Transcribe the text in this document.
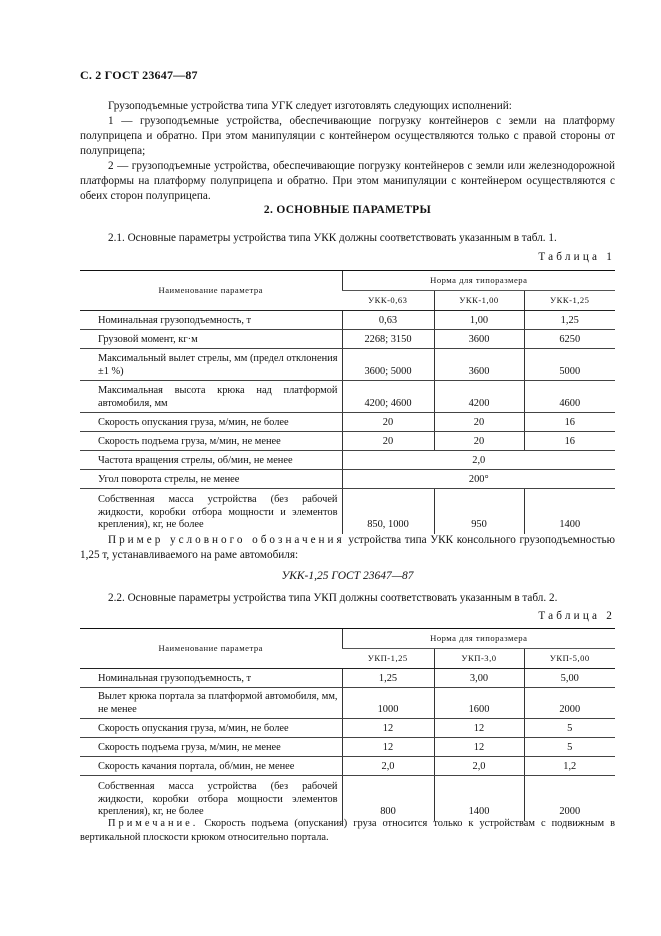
С. 2 ГОСТ 23647—87

Грузоподъемные устройства типа УГК следует изготовлять следующих исполнений:

1 — грузоподъемные устройства, обеспечивающие погрузку контейнеров с земли на платформу полуприцепа и обратно. При этом манипуляции с контейнером осуществляются только с правой стороны от полуприцепа;

2 — грузоподъемные устройства, обеспечивающие погрузку контейнеров с земли или железнодорожной платформы на платформу полуприцепа и обратно. При этом манипуляции с контейнером осуществляются с обеих сторон полуприцепа.

2. ОСНОВНЫЕ ПАРАМЕТРЫ

2.1. Основные параметры устройства типа УКК должны соответствовать указанным в табл. 1.

Таблица 1
Наименование параметра	Норма для типоразмера		
	УКК-0,63	УКК-1,00	УКК-1,25
Номинальная грузоподъемность, т	0,63	1,00	1,25
Грузовой момент, кг·м	2268; 3150	3600	6250
Максимальный вылет стрелы, мм (предел отклонения ±1 %)	3600; 5000	3600	5000
Максимальная высота крюка над платформой автомобиля, мм	4200; 4600	4200	4600
Скорость опускания груза, м/мин, не более	20	20	16
Скорость подъема груза, м/мин, не менее	20	20	16
Частота вращения стрелы, об/мин, не менее	2,0		
Угол поворота стрелы, не менее	200°		
Собственная масса устройства (без рабочей жидкости, коробки отбора мощности и элементов крепления), кг, не более	850, 1000	950	1400

Пример условного обозначения устройства типа УКК консольного грузоподъемностью 1,25 т, устанавливаемого на раме автомобиля:

УКК-1,25 ГОСТ 23647—87

2.2. Основные параметры устройства типа УКП должны соответствовать указанным в табл. 2.

Таблица 2
Наименование параметра	Норма для типоразмера		
	УКП-1,25	УКП-3,0	УКП-5,00
Номинальная грузоподъемность, т	1,25	3,00	5,00
Вылет крюка портала за платформой автомобиля, мм, не менее	1000	1600	2000
Скорость опускания груза, м/мин, не более	12	12	5
Скорость подъема груза, м/мин, не менее	12	12	5
Скорость качания портала, об/мин, не менее	2,0	2,0	1,2
Собственная масса устройства (без рабочей жидкости, коробки отбора мощности элементов крепления), кг, не более	800	1400	2000

Примечание. Скорость подъема (опускания) груза относится только к устройствам с подвижным в вертикальной плоскости крюком относительно портала.
